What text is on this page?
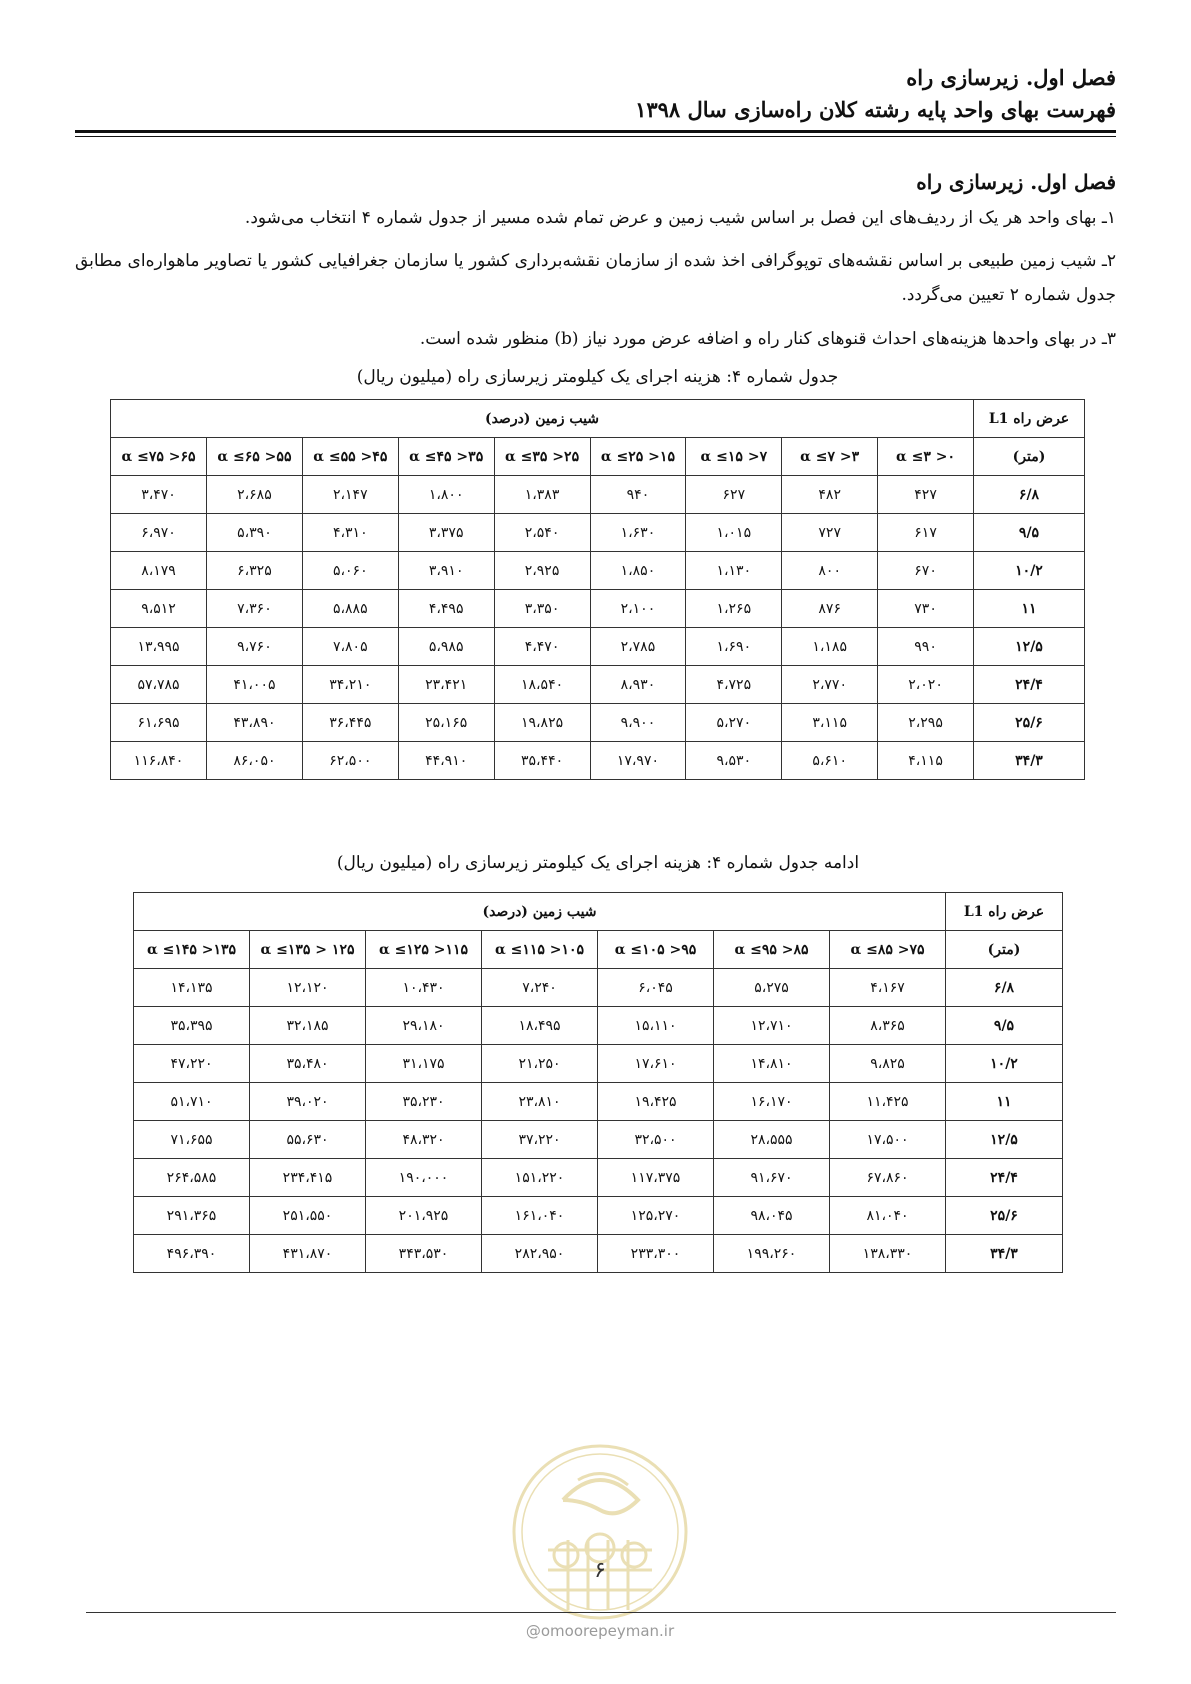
فصل اول. زیرسازی راه
فهرست بهای واحد پایه رشته کلان راه‌سازی سال ۱۳۹۸
فصل اول. زیرسازی راه
۱ـ بهای واحد هر یک از ردیف‌های این فصل بر اساس شیب زمین و عرض تمام شده مسیر از جدول شماره ۴ انتخاب می‌شود.
۲ـ شیب زمین طبیعی بر اساس نقشه‌های توپوگرافی اخذ شده از سازمان نقشه‌برداری کشور یا سازمان جغرافیایی کشور یا تصاویر ماهواره‌ای مطابق جدول شماره ۲ تعیین می‌گردد.
۳ـ در بهای واحدها هزینه‌های احداث قنوهای کنار راه و اضافه عرض مورد نیاز (b) منظور شده است.
جدول شماره ۴: هزینه اجرای یک کیلومتر زیرسازی راه (میلیون ریال)
عرض راه L1	شیب زمین (درصد)								
(متر)	۰< α ≤۳	۳< α ≤۷	۷< α ≤۱۵	۱۵< α ≤۲۵	۲۵< α ≤۳۵	۳۵< α ≤۴۵	۴۵< α ≤۵۵	۵۵< α ≤۶۵	۶۵< α ≤۷۵
۶/۸	۴۲۷	۴۸۲	۶۲۷	۹۴۰	۱،۳۸۳	۱،۸۰۰	۲،۱۴۷	۲،۶۸۵	۳،۴۷۰
۹/۵	۶۱۷	۷۲۷	۱،۰۱۵	۱،۶۳۰	۲،۵۴۰	۳،۳۷۵	۴،۳۱۰	۵،۳۹۰	۶،۹۷۰
۱۰/۲	۶۷۰	۸۰۰	۱،۱۳۰	۱،۸۵۰	۲،۹۲۵	۳،۹۱۰	۵،۰۶۰	۶،۳۲۵	۸،۱۷۹
۱۱	۷۳۰	۸۷۶	۱،۲۶۵	۲،۱۰۰	۳،۳۵۰	۴،۴۹۵	۵،۸۸۵	۷،۳۶۰	۹،۵۱۲
۱۲/۵	۹۹۰	۱،۱۸۵	۱،۶۹۰	۲،۷۸۵	۴،۴۷۰	۵،۹۸۵	۷،۸۰۵	۹،۷۶۰	۱۳،۹۹۵
۲۴/۴	۲،۰۲۰	۲،۷۷۰	۴،۷۲۵	۸،۹۳۰	۱۸،۵۴۰	۲۳،۴۲۱	۳۴،۲۱۰	۴۱،۰۰۵	۵۷،۷۸۵
۲۵/۶	۲،۲۹۵	۳،۱۱۵	۵،۲۷۰	۹،۹۰۰	۱۹،۸۲۵	۲۵،۱۶۵	۳۶،۴۴۵	۴۳،۸۹۰	۶۱،۶۹۵
۳۴/۳	۴،۱۱۵	۵،۶۱۰	۹،۵۳۰	۱۷،۹۷۰	۳۵،۴۴۰	۴۴،۹۱۰	۶۲،۵۰۰	۸۶،۰۵۰	۱۱۶،۸۴۰
ادامه جدول شماره ۴: هزینه اجرای یک کیلومتر زیرسازی راه (میلیون ریال)
عرض راه L1	شیب زمین (درصد)						
(متر)	۷۵< α ≤۸۵	۸۵< α ≤۹۵	۹۵< α ≤۱۰۵	۱۰۵< α ≤۱۱۵	۱۱۵< α ≤۱۲۵	۱۲۵ < α ≤۱۳۵	۱۳۵< α ≤۱۴۵
۶/۸	۴،۱۶۷	۵،۲۷۵	۶،۰۴۵	۷،۲۴۰	۱۰،۴۳۰	۱۲،۱۲۰	۱۴،۱۳۵
۹/۵	۸،۳۶۵	۱۲،۷۱۰	۱۵،۱۱۰	۱۸،۴۹۵	۲۹،۱۸۰	۳۲،۱۸۵	۳۵،۳۹۵
۱۰/۲	۹،۸۲۵	۱۴،۸۱۰	۱۷،۶۱۰	۲۱،۲۵۰	۳۱،۱۷۵	۳۵،۴۸۰	۴۷،۲۲۰
۱۱	۱۱،۴۲۵	۱۶،۱۷۰	۱۹،۴۲۵	۲۳،۸۱۰	۳۵،۲۳۰	۳۹،۰۲۰	۵۱،۷۱۰
۱۲/۵	۱۷،۵۰۰	۲۸،۵۵۵	۳۲،۵۰۰	۳۷،۲۲۰	۴۸،۳۲۰	۵۵،۶۳۰	۷۱،۶۵۵
۲۴/۴	۶۷،۸۶۰	۹۱،۶۷۰	۱۱۷،۳۷۵	۱۵۱،۲۲۰	۱۹۰،۰۰۰	۲۳۴،۴۱۵	۲۶۴،۵۸۵
۲۵/۶	۸۱،۰۴۰	۹۸،۰۴۵	۱۲۵،۲۷۰	۱۶۱،۰۴۰	۲۰۱،۹۲۵	۲۵۱،۵۵۰	۲۹۱،۳۶۵
۳۴/۳	۱۳۸،۳۳۰	۱۹۹،۲۶۰	۲۳۳،۳۰۰	۲۸۲،۹۵۰	۳۴۳،۵۳۰	۴۳۱،۸۷۰	۴۹۶،۳۹۰
۶
@omoorepeyman.ir
